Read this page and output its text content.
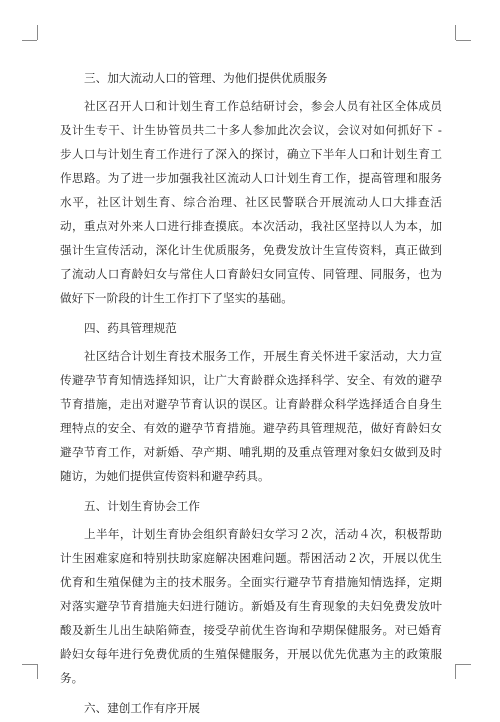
三、加大流动人口的管理、为他们提供优质服务
社区召开人口和计划生育工作总结研讨会，参会人员有社区全体成员及计生专干、计生协管员共二十多人参加此次会议，会议对如何抓好下 - 步人口与计划生育工作进行了深入的探讨，确立下半年人口和计划生育工作思路。为了进一步加强我社区流动人口计划生育工作，提高管理和服务水平，社区计划生育、综合治理、社区民警联合开展流动人口大排查活动，重点对外来人口进行排查摸底。本次活动，我社区坚持以人为本，加强计生宣传活动，深化计生优质服务，免费发放计生宣传资料，真正做到了流动人口育龄妇女与常住人口育龄妇女同宣传、同管理、同服务，也为做好下一阶段的计生工作打下了坚实的基础。
四、药具管理规范
社区结合计划生育技术服务工作，开展生育关怀进千家活动，大力宣传避孕节育知情选择知识，让广大育龄群众选择科学、安全、有效的避孕节育措施，走出对避孕节育认识的误区。让育龄群众科学选择适合自身生理特点的安全、有效的避孕节育措施。避孕药具管理规范，做好育龄妇女避孕节育工作，对新婚、孕产期、哺乳期的及重点管理对象妇女做到及时随访，为她们提供宣传资料和避孕药具。
五、计划生育协会工作
上半年，计划生育协会组织育龄妇女学习２次，活动４次，积极帮助计生困难家庭和特别扶助家庭解决困难问题。帮困活动２次，开展以优生优育和生殖保健为主的技术服务。全面实行避孕节育措施知情选择，定期对落实避孕节育措施夫妇进行随访。新婚及有生育现象的夫妇免费发放叶酸及新生儿出生缺陷筛查，接受孕前优生咨询和孕期保健服务。对已婚育龄妇女每年进行免费优质的生殖保健服务，开展以优先优惠为主的政策服务。
六、建创工作有序开展
